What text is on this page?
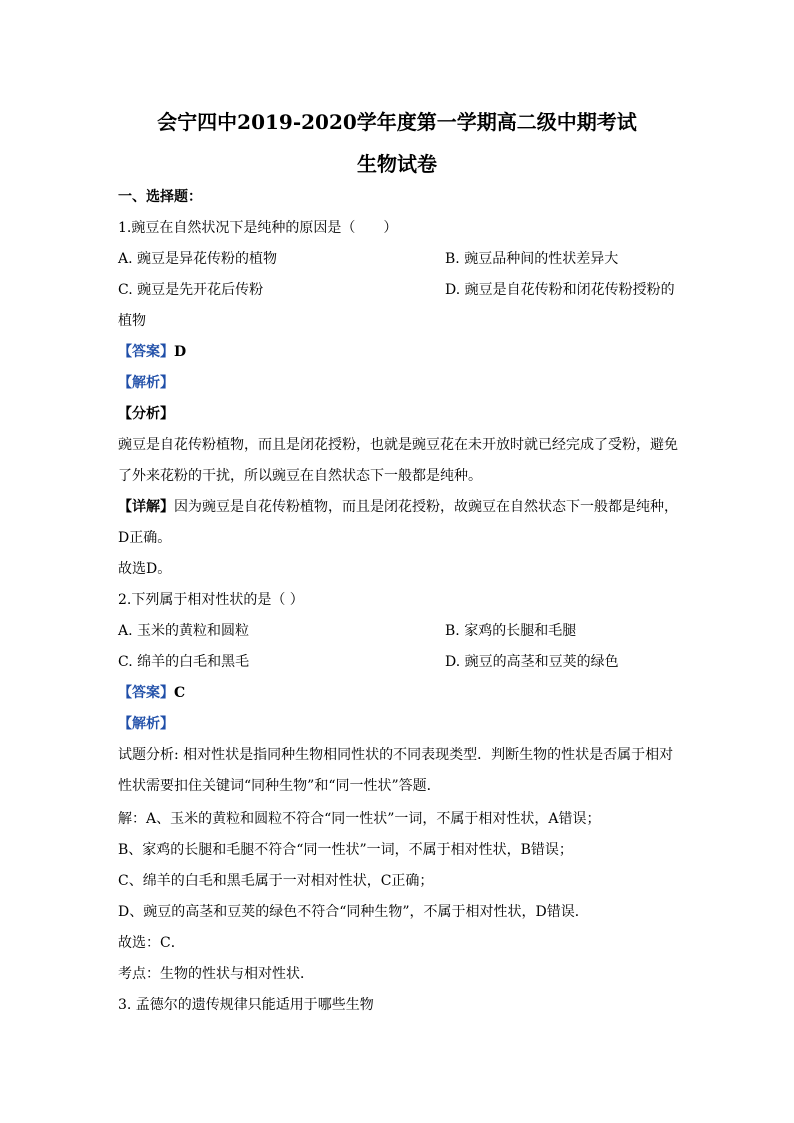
会宁四中2019-2020学年度第一学期高二级中期考试
生物试卷
一、选择题：
1.豌豆在自然状况下是纯种的原因是（　　）
A. 豌豆是异花传粉的植物	B. 豌豆品种间的性状差异大
C. 豌豆是先开花后传粉	D. 豌豆是自花传粉和闭花传粉授粉的
植物
【答案】D
【解析】
【分析】
豌豆是自花传粉植物，而且是闭花授粉，也就是豌豆花在未开放时就已经完成了受粉，避免
了外来花粉的干扰，所以豌豆在自然状态下一般都是纯种。
【详解】因为豌豆是自花传粉植物，而且是闭花授粉，故豌豆在自然状态下一般都是纯种，
D正确。
故选D。
2.下列属于相对性状的是（ ）
A. 玉米的黄粒和圆粒	B. 家鸡的长腿和毛腿
C. 绵羊的白毛和黑毛	D. 豌豆的高茎和豆荚的绿色
【答案】C
【解析】
试题分析: 相对性状是指同种生物相同性状的不同表现类型．判断生物的性状是否属于相对
性状需要扣住关键词“同种生物”和“同一性状”答题．
解：A、玉米的黄粒和圆粒不符合“同一性状”一词，不属于相对性状，A错误；
B、家鸡的长腿和毛腿不符合“同一性状”一词，不属于相对性状，B错误；
C、绵羊的白毛和黑毛属于一对相对性状，C正确；
D、豌豆的高茎和豆荚的绿色不符合“同种生物”，不属于相对性状，D错误．
故选：C．
考点：生物的性状与相对性状．
3. 孟德尔的遗传规律只能适用于哪些生物
